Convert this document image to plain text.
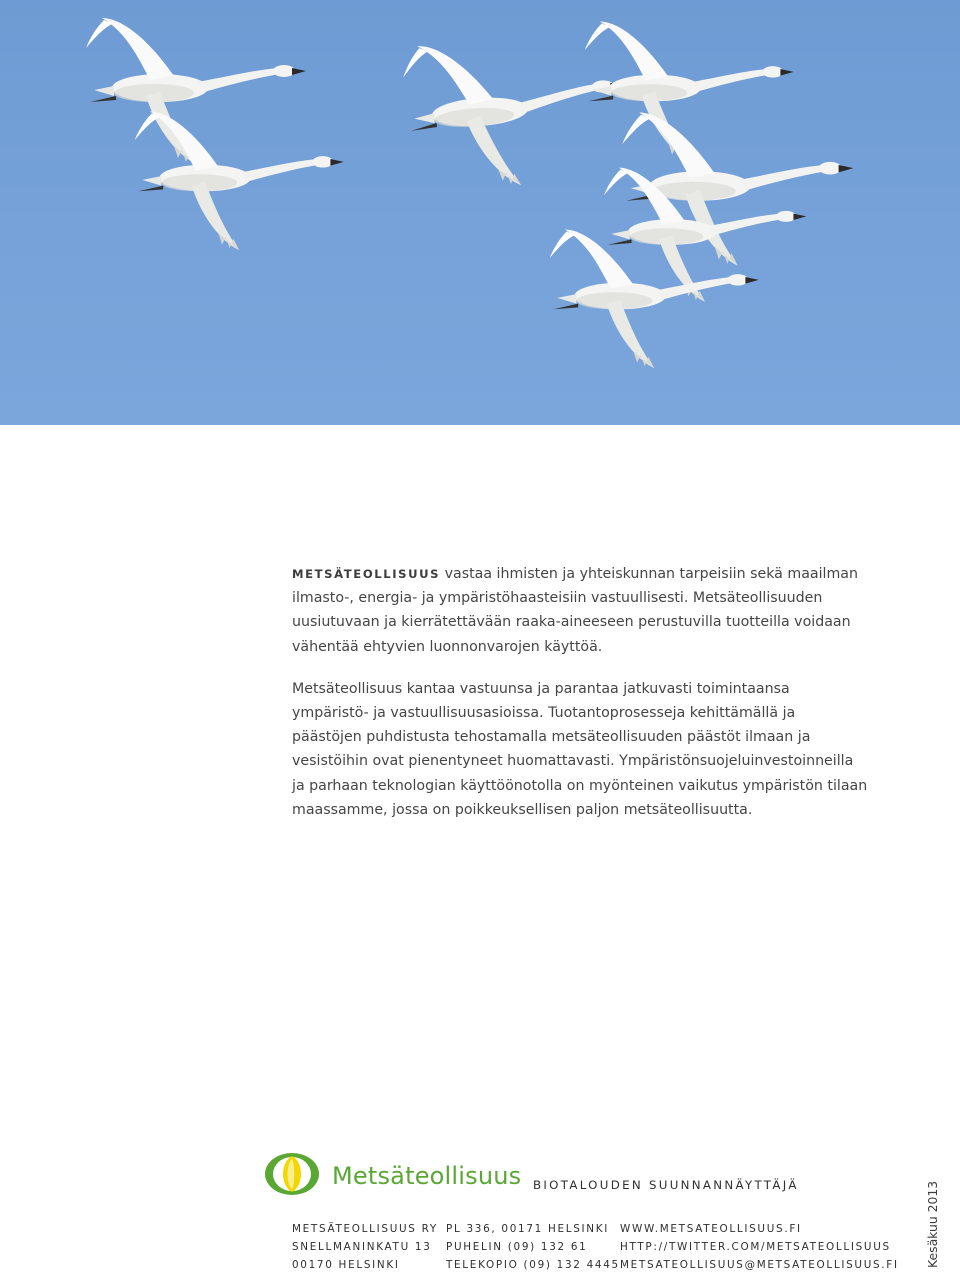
METSÄTEOLLISUUS vastaa ihmisten ja yhteiskunnan tarpeisiin sekä maailman ilmasto-, energia- ja ympäristöhaasteisiin vastuullisesti. Metsäteollisuuden uusiutuvaan ja kierrätettävään raaka-aineeseen perustuvilla tuotteilla voidaan vähentää ehtyvien luonnonvarojen käyttöä.

Metsäteollisuus kantaa vastuunsa ja parantaa jatkuvasti toimintaansa ympäristö- ja vastuullisuusasioissa. Tuotantoprosesseja kehittämällä ja päästöjen puhdistusta tehostamalla metsäteollisuuden päästöt ilmaan ja vesistöihin ovat pienentyneet huomattavasti. Ympäristönsuojeluinvestoinneilla ja parhaan teknologian käyttöönotolla on myönteinen vaikutus ympäristön tilaan maassamme, jossa on poikkeuksellisen paljon metsäteollisuutta.

Metsäteollisuus BIOTALOUDEN SUUNNANNÄYTTÄJÄ
METSÄTEOLLISUUS RY
SNELLMANINKATU 13
00170 HELSINKI
PL 336, 00171 HELSINKI
PUHELIN (09) 132 61
TELEKOPIO (09) 132 4445
WWW.METSATEOLLISUUS.FI
HTTP://TWITTER.COM/METSATEOLLISUUS
METSATEOLLISUUS@METSATEOLLISUUS.FI Kesäkuu 2013
